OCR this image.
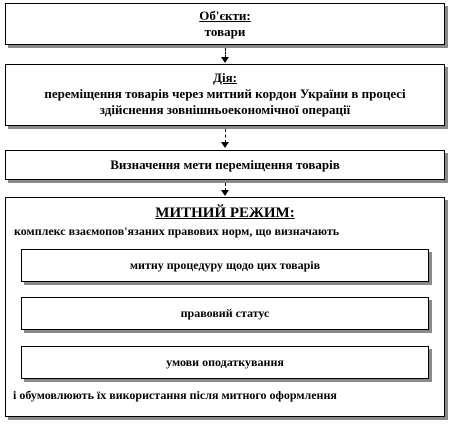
Об'єкти:
товари
Дія:
переміщення товарів через митний кордон України в процесі
здійснення зовнішньоекономічної операції
Визначення мети переміщення товарів
МИТНИЙ РЕЖИМ:
комплекс взаємопов'язаних правових норм, що визначають
митну процедуру щодо цих товарів
правовий статус
умови оподаткування
і обумовлюють їх використання після митного оформлення
